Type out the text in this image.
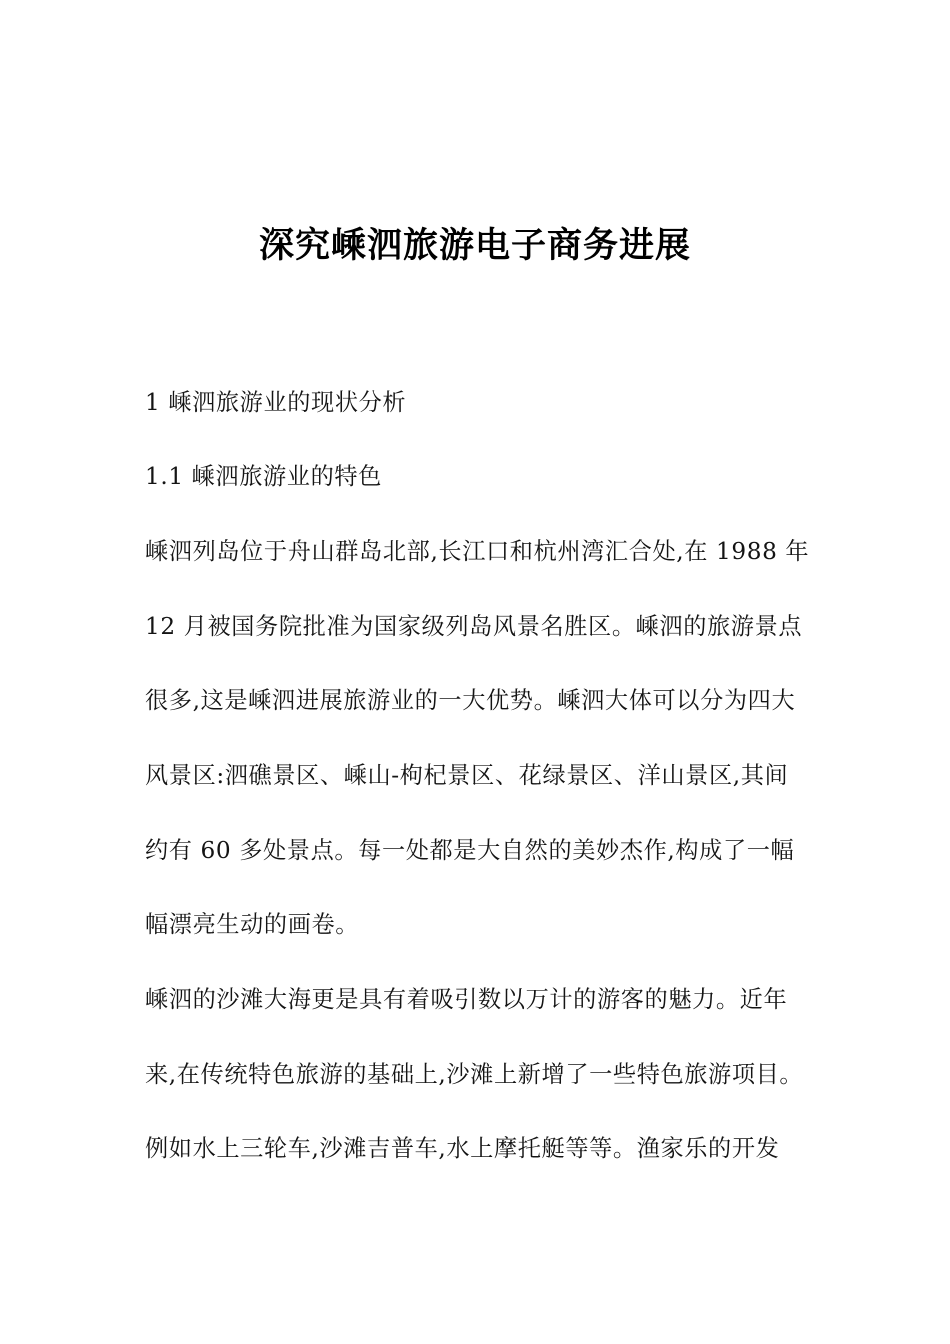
深究嵊泗旅游电子商务进展
1 嵊泗旅游业的现状分析
1.1 嵊泗旅游业的特色
嵊泗列岛位于舟山群岛北部,长江口和杭州湾汇合处,在 1988 年
12 月被国务院批准为国家级列岛风景名胜区。嵊泗的旅游景点
很多,这是嵊泗进展旅游业的一大优势。嵊泗大体可以分为四大
风景区:泗礁景区、嵊山-枸杞景区、花绿景区、洋山景区,其间
约有 60 多处景点。每一处都是大自然的美妙杰作,构成了一幅
幅漂亮生动的画卷。
嵊泗的沙滩大海更是具有着吸引数以万计的游客的魅力。近年
来,在传统特色旅游的基础上,沙滩上新增了一些特色旅游项目。
例如水上三轮车,沙滩吉普车,水上摩托艇等等。渔家乐的开发
